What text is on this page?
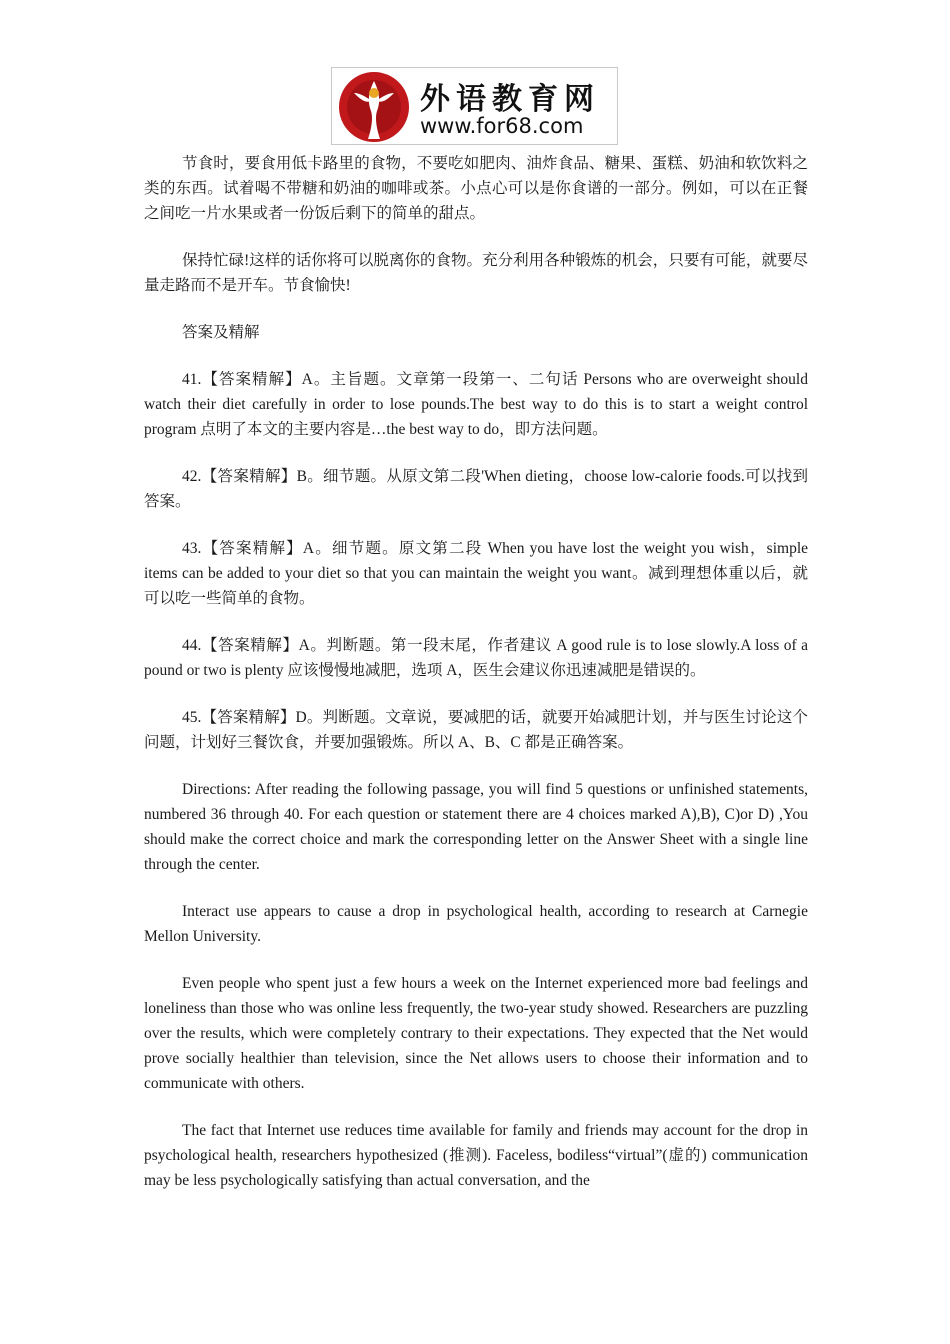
外语教育网
www.for68.com

节食时，要食用低卡路里的食物，不要吃如肥肉、油炸食品、糖果、蛋糕、奶油和软饮料之类的东西。试着喝不带糖和奶油的咖啡或茶。小点心可以是你食谱的一部分。例如，可以在正餐之间吃一片水果或者一份饭后剩下的简单的甜点。

保持忙碌!这样的话你将可以脱离你的食物。充分利用各种锻炼的机会，只要有可能，就要尽量走路而不是开车。节食愉快!

答案及精解

41.【答案精解】A。主旨题。文章第一段第一、二句话 Persons who are overweight should watch their diet carefully in order to lose pounds.The best way to do this is to start a weight control program 点明了本文的主要内容是…the best way to do，即方法问题。

42.【答案精解】B。细节题。从原文第二段'When dieting，choose low-calorie foods.可以找到答案。

43.【答案精解】A。细节题。原文第二段 When you have lost the weight you wish，simple items can be added to your diet so that you can maintain the weight you want。减到理想体重以后，就可以吃一些简单的食物。

44.【答案精解】A。判断题。第一段末尾，作者建议 A good rule is to lose slowly.A loss of a pound or two is plenty 应该慢慢地减肥，选项 A，医生会建议你迅速减肥是错误的。

45.【答案精解】D。判断题。文章说，要减肥的话，就要开始减肥计划，并与医生讨论这个问题，计划好三餐饮食，并要加强锻炼。所以 A、B、C 都是正确答案。

Directions: After reading the following passage, you will find 5 questions or unfinished statements, numbered 36 through 40. For each question or statement there are 4 choices marked A),B), C)or D) ,You should make the correct choice and mark the corresponding letter on the Answer Sheet with a single line through the center.

Interact use appears to cause a drop in psychological health, according to research at Carnegie Mellon University.

Even people who spent just a few hours a week on the Internet experienced more bad feelings and loneliness than those who was online less frequently, the two-year study showed. Researchers are puzzling over the results, which were completely contrary to their expectations. They expected that the Net would prove socially healthier than television, since the Net allows users to choose their information and to communicate with others.

The fact that Internet use reduces time available for family and friends may account for the drop in psychological health, researchers hypothesized (推测). Faceless, bodiless“virtual”(虚的) communication may be less psychologically satisfying than actual conversation, and the
